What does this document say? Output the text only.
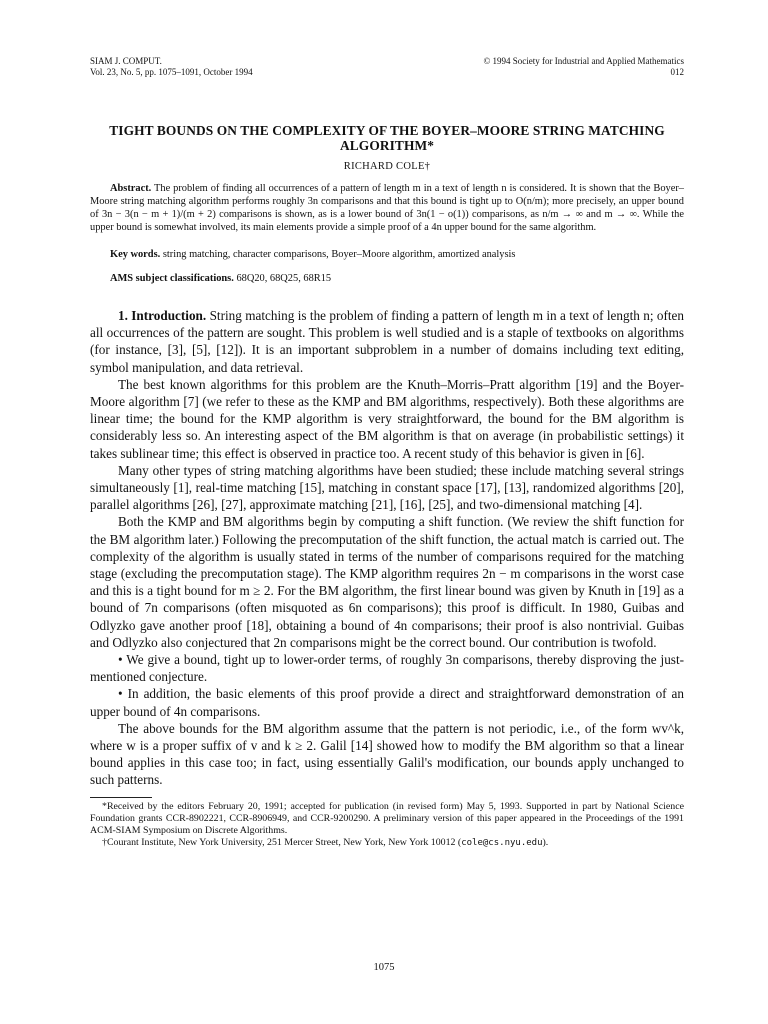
SIAM J. COMPUT.
Vol. 23, No. 5, pp. 1075–1091, October 1994
© 1994 Society for Industrial and Applied Mathematics
012
TIGHT BOUNDS ON THE COMPLEXITY OF THE BOYER–MOORE STRING MATCHING ALGORITHM*
RICHARD COLE†
Abstract. The problem of finding all occurrences of a pattern of length m in a text of length n is considered. It is shown that the Boyer–Moore string matching algorithm performs roughly 3n comparisons and that this bound is tight up to O(n/m); more precisely, an upper bound of 3n − 3(n − m + 1)/(m + 2) comparisons is shown, as is a lower bound of 3n(1 − o(1)) comparisons, as n/m → ∞ and m → ∞. While the upper bound is somewhat involved, its main elements provide a simple proof of a 4n upper bound for the same algorithm.
Key words. string matching, character comparisons, Boyer–Moore algorithm, amortized analysis
AMS subject classifications. 68Q20, 68Q25, 68R15

1. Introduction. String matching is the problem of finding a pattern of length m in a text of length n; often all occurrences of the pattern are sought. This problem is well studied and is a staple of textbooks on algorithms (for instance, [3], [5], [12]). It is an important subproblem in a number of domains including text editing, symbol manipulation, and data retrieval.

The best known algorithms for this problem are the Knuth–Morris–Pratt algorithm [19] and the Boyer-Moore algorithm [7] (we refer to these as the KMP and BM algorithms, respectively). Both these algorithms are linear time; the bound for the KMP algorithm is very straightforward, the bound for the BM algorithm is considerably less so. An interesting aspect of the BM algorithm is that on average (in probabilistic settings) it takes sublinear time; this effect is observed in practice too. A recent study of this behavior is given in [6].

Many other types of string matching algorithms have been studied; these include matching several strings simultaneously [1], real-time matching [15], matching in constant space [17], [13], randomized algorithms [20], parallel algorithms [26], [27], approximate matching [21], [16], [25], and two-dimensional matching [4].

Both the KMP and BM algorithms begin by computing a shift function. (We review the shift function for the BM algorithm later.) Following the precomputation of the shift function, the actual match is carried out. The complexity of the algorithm is usually stated in terms of the number of comparisons required for the matching stage (excluding the precomputation stage). The KMP algorithm requires 2n − m comparisons in the worst case and this is a tight bound for m ≥ 2. For the BM algorithm, the first linear bound was given by Knuth in [19] as a bound of 7n comparisons (often misquoted as 6n comparisons); this proof is difficult. In 1980, Guibas and Odlyzko gave another proof [18], obtaining a bound of 4n comparisons; their proof is also nontrivial. Guibas and Odlyzko also conjectured that 2n comparisons might be the correct bound. Our contribution is twofold.

• We give a bound, tight up to lower-order terms, of roughly 3n comparisons, thereby disproving the just-mentioned conjecture.

• In addition, the basic elements of this proof provide a direct and straightforward demonstration of an upper bound of 4n comparisons.

The above bounds for the BM algorithm assume that the pattern is not periodic, i.e., of the form wv^k, where w is a proper suffix of v and k ≥ 2. Galil [14] showed how to modify the BM algorithm so that a linear bound applies in this case too; in fact, using essentially Galil's modification, our bounds apply unchanged to such patterns.

*Received by the editors February 20, 1991; accepted for publication (in revised form) May 5, 1993. Supported in part by National Science Foundation grants CCR-8902221, CCR-8906949, and CCR-9200290. A preliminary version of this paper appeared in the Proceedings of the 1991 ACM-SIAM Symposium on Discrete Algorithms.

†Courant Institute, New York University, 251 Mercer Street, New York, New York 10012 (cole@cs.nyu.edu).

1075
